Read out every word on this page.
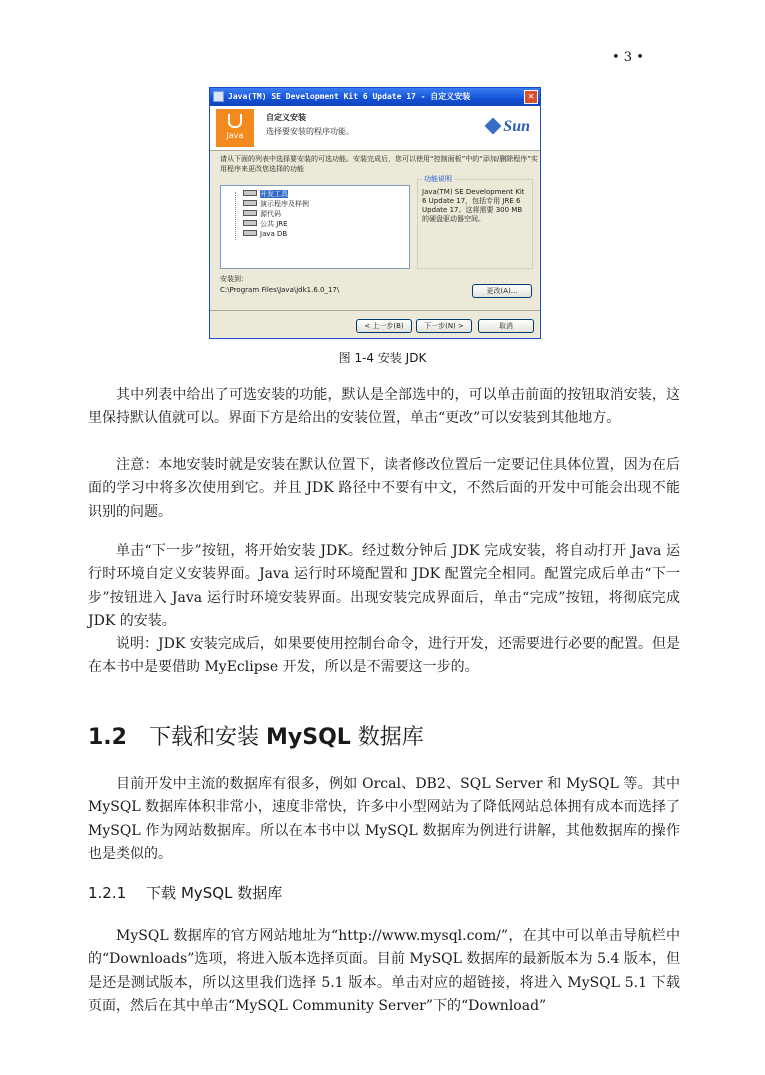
• 3 •
Java(TM) SE Development Kit 6 Update 17 - 自定义安装	✕
Java
自定义安装
选择要安装的程序功能。	Sun
请从下面的列表中选择要安装的可选功能。安装完成后，您可以使用“控制面板”中的“添加/删除程序”实用程序来更改您选择的功能
开发工具
演示程序及样例
源代码
公共 JRE
Java DB
功能说明
Java(TM) SE Development Kit 6 Update 17，包括专用 JRE 6 Update 17。这将需要 300 MB 的硬盘驱动器空间。
安装到：
C:\Program Files\Java\jdk1.6.0_17\	更改(A)...
< 上一步(B)	下一步(N) >	取消
图 1-4 安装 JDK

其中列表中给出了可选安装的功能，默认是全部选中的，可以单击前面的按钮取消安装，这里保持默认值就可以。界面下方是给出的安装位置，单击“更改”可以安装到其他地方。

注意：本地安装时就是安装在默认位置下，读者修改位置后一定要记住具体位置，因为在后面的学习中将多次使用到它。并且 JDK 路径中不要有中文，不然后面的开发中可能会出现不能识别的问题。

单击“下一步”按钮，将开始安装 JDK。经过数分钟后 JDK 完成安装，将自动打开 Java 运行时环境自定义安装界面。Java 运行时环境配置和 JDK 配置完全相同。配置完成后单击“下一步”按钮进入 Java 运行时环境安装界面。出现安装完成界面后，单击“完成”按钮，将彻底完成 JDK 的安装。

说明：JDK 安装完成后，如果要使用控制台命令，进行开发，还需要进行必要的配置。但是在本书中是要借助 MyEclipse 开发，所以是不需要这一步的。

1.2 下载和安装 MySQL 数据库

目前开发中主流的数据库有很多，例如 Orcal、DB2、SQL Server 和 MySQL 等。其中 MySQL 数据库体积非常小，速度非常快，许多中小型网站为了降低网站总体拥有成本而选择了 MySQL 作为网站数据库。所以在本书中以 MySQL 数据库为例进行讲解，其他数据库的操作也是类似的。

1.2.1 下载 MySQL 数据库

MySQL 数据库的官方网站地址为“http://www.mysql.com/”，在其中可以单击导航栏中的“Downloads”选项，将进入版本选择页面。目前 MySQL 数据库的最新版本为 5.4 版本，但是还是测试版本，所以这里我们选择 5.1 版本。单击对应的超链接，将进入 MySQL 5.1 下载页面，然后在其中单击“MySQL Community Server”下的“Download”
